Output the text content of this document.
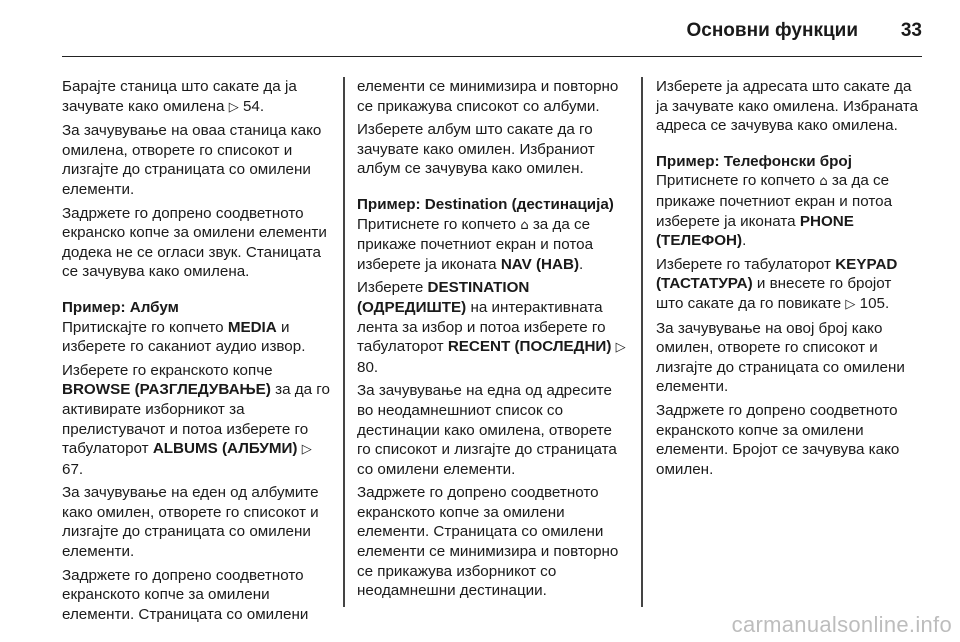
Основни функции 33

Барајте станица што сакате да ја зачувате како омилена ▷ 54.

За зачувување на оваа станица како омилена, отворете го списокот и лизгајте до страницата со омилени елементи.

Задржете го допрено соодветното екранско копче за омилени елементи додека не се огласи звук. Станицата се зачувува како омилена.

Пример: Албум

Притискајте го копчето MEDIA и изберете го саканиот аудио извор.

Изберете го екранското копче BROWSE (РАЗГЛЕДУВАЊЕ) за да го активирате изборникот за прелистувачот и потоа изберете го табулаторот ALBUMS (АЛБУМИ) ▷ 67.

За зачувување на еден од албумите како омилен, отворете го списокот и лизгајте до страницата со омилени елементи.

Задржете го допрено соодветното екранското копче за омилени елементи. Страницата со омилени

елементи се минимизира и повторно се прикажува списокот со албуми.

Изберете албум што сакате да го зачувате како омилен. Избраниот албум се зачувува како омилен.

Пример: Destination (дестинација)

Притиснете го копчето ⌂ за да се прикаже почетниот екран и потоа изберете ја иконата NAV (НАВ).

Изберете DESTINATION (ОДРЕДИШТЕ) на интерактивната лента за избор и потоа изберете го табулаторот RECENT (ПОСЛЕДНИ) ▷ 80.

За зачувување на една од адресите во неодамнешниот список со дестинации како омилена, отворете го списокот и лизгајте до страницата со омилени елементи.

Задржете го допрено соодветното екранското копче за омилени елементи. Страницата со омилени елементи се минимизира и повторно се прикажува изборникот со неодамнешни дестинации.

Изберете ја адресата што сакате да ја зачувате како омилена. Избраната адреса се зачувува како омилена.

Пример: Телефонски број

Притиснете го копчето ⌂ за да се прикаже почетниот екран и потоа изберете ја иконата PHONE (ТЕЛЕФОН).

Изберете го табулаторот KEYPAD (ТАСТАТУРА) и внесете го бројот што сакате да го повикате ▷ 105.

За зачувување на овој број како омилен, отворете го списокот и лизгајте до страницата со омилени елементи.

Задржете го допрено соодветното екранското копче за омилени елементи. Бројот се зачувува како омилен.

carmanualsonline.info
